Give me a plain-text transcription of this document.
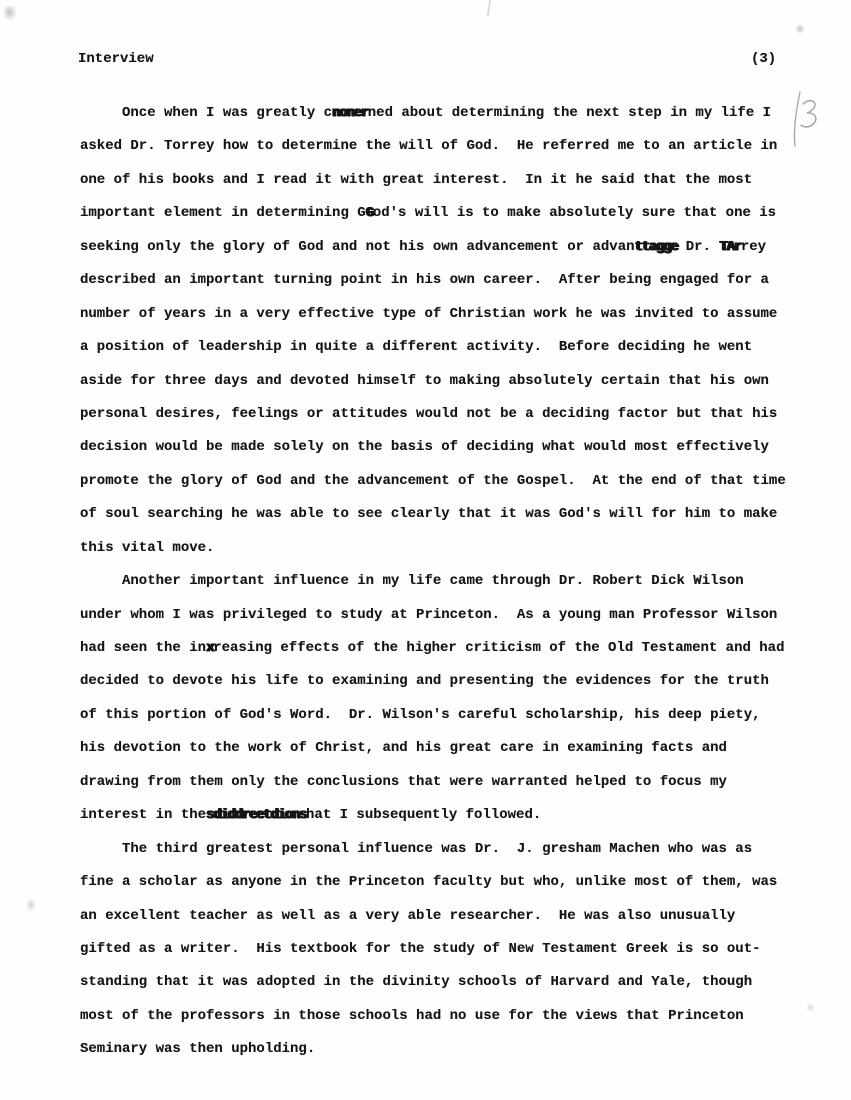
Interview	(3)
Once when I was greatly cnonerned about determining the next step in my life I
asked Dr. Torrey how to determine the will of God.  He referred me to an article in
one of his books and I read it with great interest.  In it he said that the most
important element in determining GGod's will is to make absolutely sure that one is
seeking only the glory of God and not his own advancement or advanttagge Dr. TArrey
described an important turning point in his own career.  After being engaged for a
number of years in a very effective type of Christian work he was invited to assume
a position of leadership in quite a different activity.  Before deciding he went
aside for three days and devoted himself to making absolutely certain that his own
personal desires, feelings or attitudes would not be a deciding factor but that his
decision would be made solely on the basis of deciding what would most effectively
promote the glory of God and the advancement of the Gospel.  At the end of that time
of soul searching he was able to see clearly that it was God's will for him to make
this vital move.
Another important influence in my life came through Dr. Robert Dick Wilson
under whom I was privileged to study at Princeton.  As a young man Professor Wilson
had seen the inxreasing effects of the higher criticism of the Old Testament and had
decided to devote his life to examining and presenting the evidences for the truth
of this portion of God's Word.  Dr. Wilson's careful scholarship, his deep piety,
his devotion to the work of Christ, and his great care in examining facts and
drawing from them only the conclusions that were warranted helped to focus my
interest in thesdiddreetdionshat I subsequently followed.
The third greatest personal influence was Dr.  J. gresham Machen who was as
fine a scholar as anyone in the Princeton faculty but who, unlike most of them, was
an excellent teacher as well as a very able researcher.  He was also unusually
gifted as a writer.  His textbook for the study of New Testament Greek is so out-
standing that it was adopted in the divinity schools of Harvard and Yale, though
most of the professors in those schools had no use for the views that Princeton
Seminary was then upholding.
